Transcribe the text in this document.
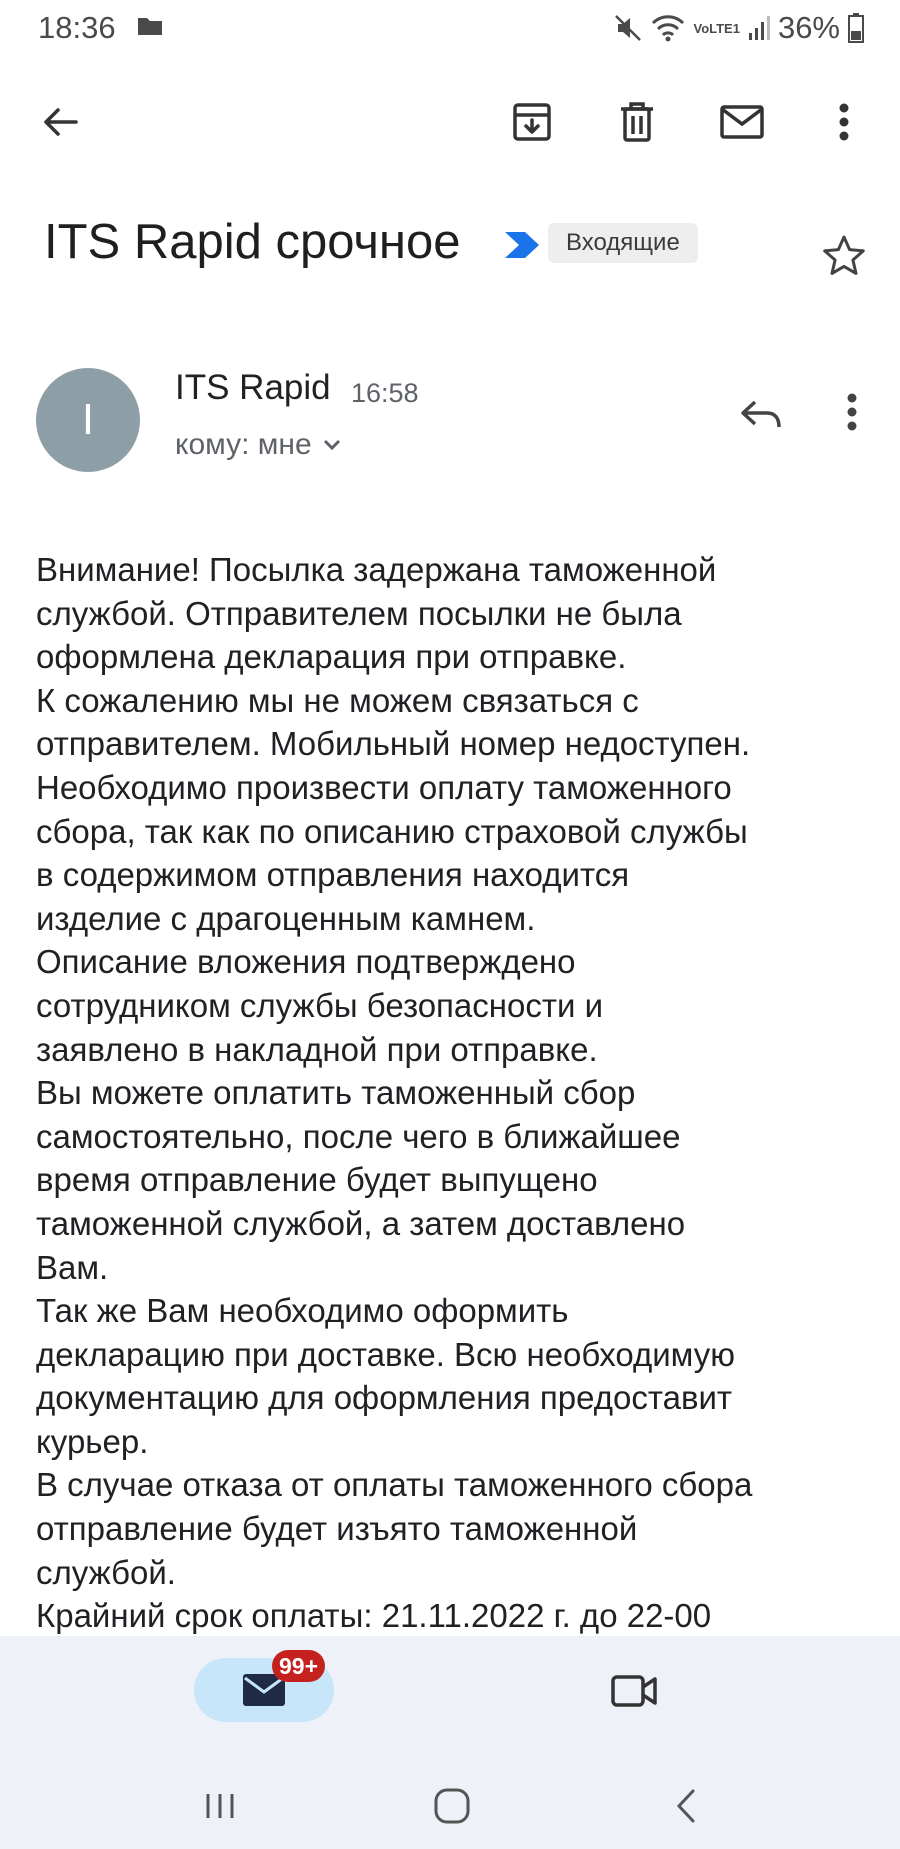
18:36	VoLTE1 36%
ITS Rapid срочное	Входящие
I
ITS Rapid 16:58
кому: мне
Внимание! Посылка задержана таможенной
службой. Отправителем посылки не была
оформлена декларация при отправке.
К сожалению мы не можем связаться с
отправителем. Мобильный номер недоступен.
Необходимо произвести оплату таможенного
сбора, так как по описанию страховой службы
в содержимом отправления находится
изделие с драгоценным камнем.
Описание вложения подтверждено
сотрудником службы безопасности и
заявлено в накладной при отправке.
Вы можете оплатить таможенный сбор
самостоятельно, после чего в ближайшее
время отправление будет выпущено
таможенной службой, а затем доставлено
Вам.
Так же Вам необходимо оформить
декларацию при доставке. Всю необходимую
документацию для оформления предоставит
курьер.
В случае отказа от оплаты таможенного сбора
отправление будет изъято таможенной
службой.
Крайний срок оплаты: 21.11.2022 г. до 22-00
99+
